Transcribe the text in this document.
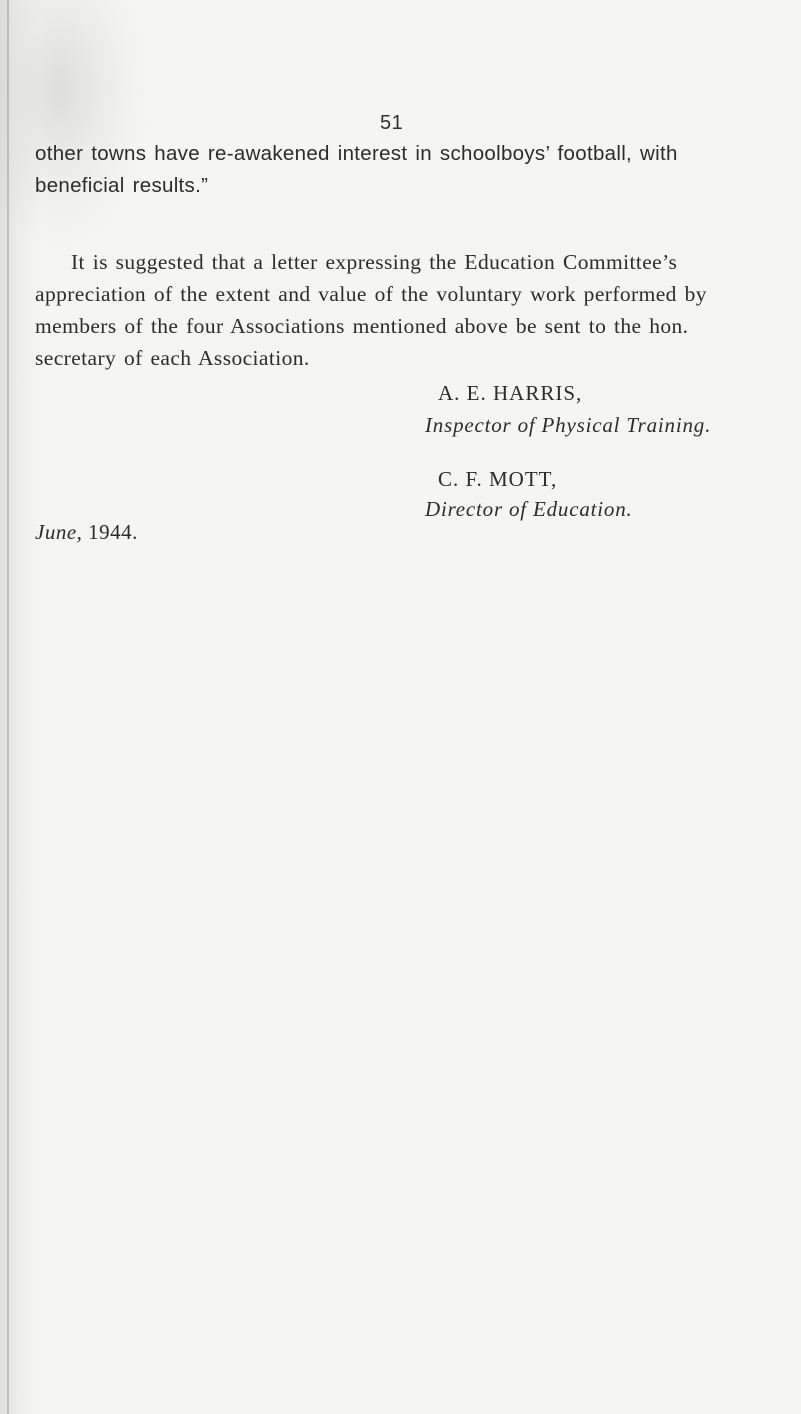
51

other towns have re-awakened interest in schoolboys’ football, with beneficial results.”

It is suggested that a letter expressing the Education Committee’s appreciation of the extent and value of the voluntary work performed by members of the four Associations mentioned above be sent to the hon. secretary of each Association.

A. E. HARRIS,
Inspector of Physical Training.
C. F. MOTT,
Director of Education.
June, 1944.
